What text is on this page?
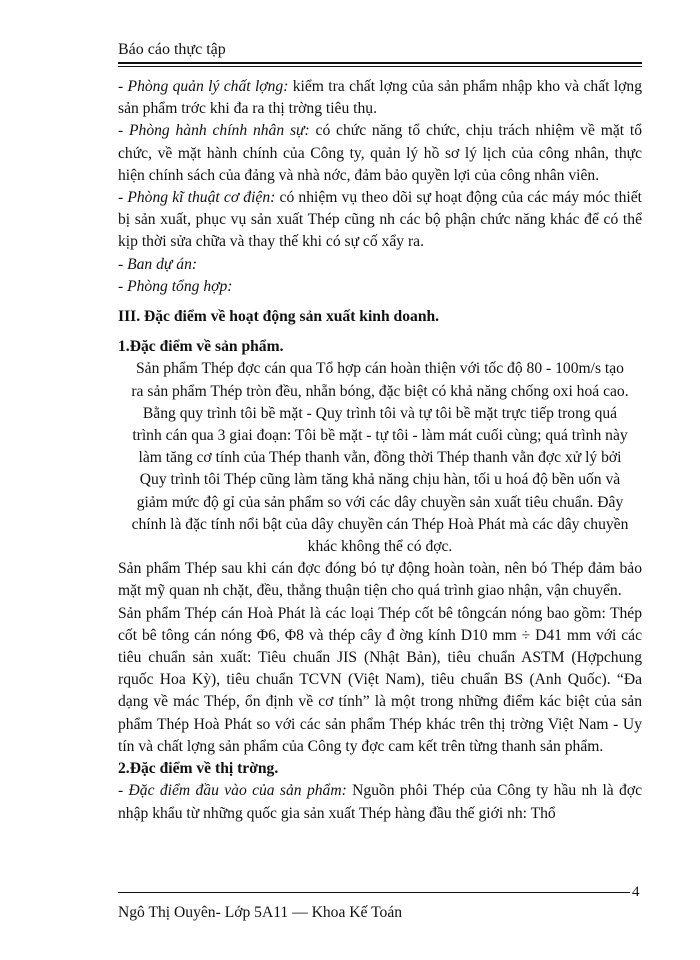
Báo cáo thực tập

- Phòng quản lý chất lợng: kiểm tra chất lợng của sản phẩm nhập kho và chất lợng sản phẩm trớc khi đa ra thị trờng tiêu thụ.

- Phòng hành chính nhân sự: có chức năng tổ chức, chịu trách nhiệm về mặt tổ chức, về mặt hành chính của Công ty, quản lý hồ sơ lý lịch của công nhân, thực hiện chính sách của đảng và nhà nớc, đảm bảo quyền lợi của công nhân viên.

- Phòng kĩ thuật cơ điện: có nhiệm vụ theo dõi sự hoạt động của các máy móc thiết bị sản xuất, phục vụ sản xuất Thép cũng nh các bộ phận chức năng khác để có thể kịp thời sửa chữa và thay thế khi có sự cố xẩy ra.

- Ban dự án:

- Phòng tổng hợp:

III. Đặc điểm về hoạt động sản xuất kinh doanh.

1.Đặc điểm về sản phẩm.

Sản phẩm Thép đợc cán qua Tổ hợp cán hoàn thiện với tốc độ 80 - 100m/s tạo ra sản phẩm Thép tròn đều, nhẵn bóng, đặc biệt có khả năng chống oxi hoá cao. Bằng quy trình tôi bề mặt - Quy trình tôi và tự tôi bề mặt trực tiếp trong quá trình cán qua 3 giai đoạn: Tôi bề mặt - tự tôi - làm mát cuối cùng; quá trình này làm tăng cơ tính của Thép thanh vằn, đồng thời Thép thanh vằn đợc xử lý bởi Quy trình tôi Thép cũng làm tăng khả năng chịu hàn, tối u hoá độ bền uốn và giảm mức độ gỉ của sản phẩm so với các dây chuyền sản xuất tiêu chuẩn. Đây chính là đặc tính nổi bật của dây chuyền cán Thép Hoà Phát mà các dây chuyền khác không thể có đợc.

Sản phẩm Thép sau khi cán đợc đóng bó tự động hoàn toàn, nên bó Thép đảm bảo mặt mỹ quan nh chặt, đều, thẳng thuận tiện cho quá trình giao nhận, vận chuyển.

Sản phẩm Thép cán Hoà Phát là các loại Thép cốt bê tôngcán nóng bao gồm: Thép cốt bê tông cán nóng Φ6, Φ8 và thép cây đ ờng kính D10 mm ÷ D41 mm với các tiêu chuẩn sản xuất: Tiêu chuẩn JIS (Nhật Bản), tiêu chuẩn ASTM (Hợpchung rquốc Hoa Kỳ), tiêu chuẩn TCVN (Việt Nam), tiêu chuẩn BS (Anh Quốc). “Đa dạng về mác Thép, ổn định về cơ tính” là một trong những điểm kác biệt của sản phẩm Thép Hoà Phát so với các sản phẩm Thép khác trên thị trờng Việt Nam - Uy tín và chất lợng sản phẩm của Công ty đợc cam kết trên từng thanh sản phẩm.

2.Đặc điểm về thị trờng.

- Đặc điểm đầu vào của sản phẩm: Nguồn phôi Thép của Công ty hầu nh là đợc nhập khẩu từ những quốc gia sản xuất Thép hàng đầu thế giới nh: Thổ

4
Ngô Thị Ouyên- Lớp 5A11 — Khoa Kế Toán
